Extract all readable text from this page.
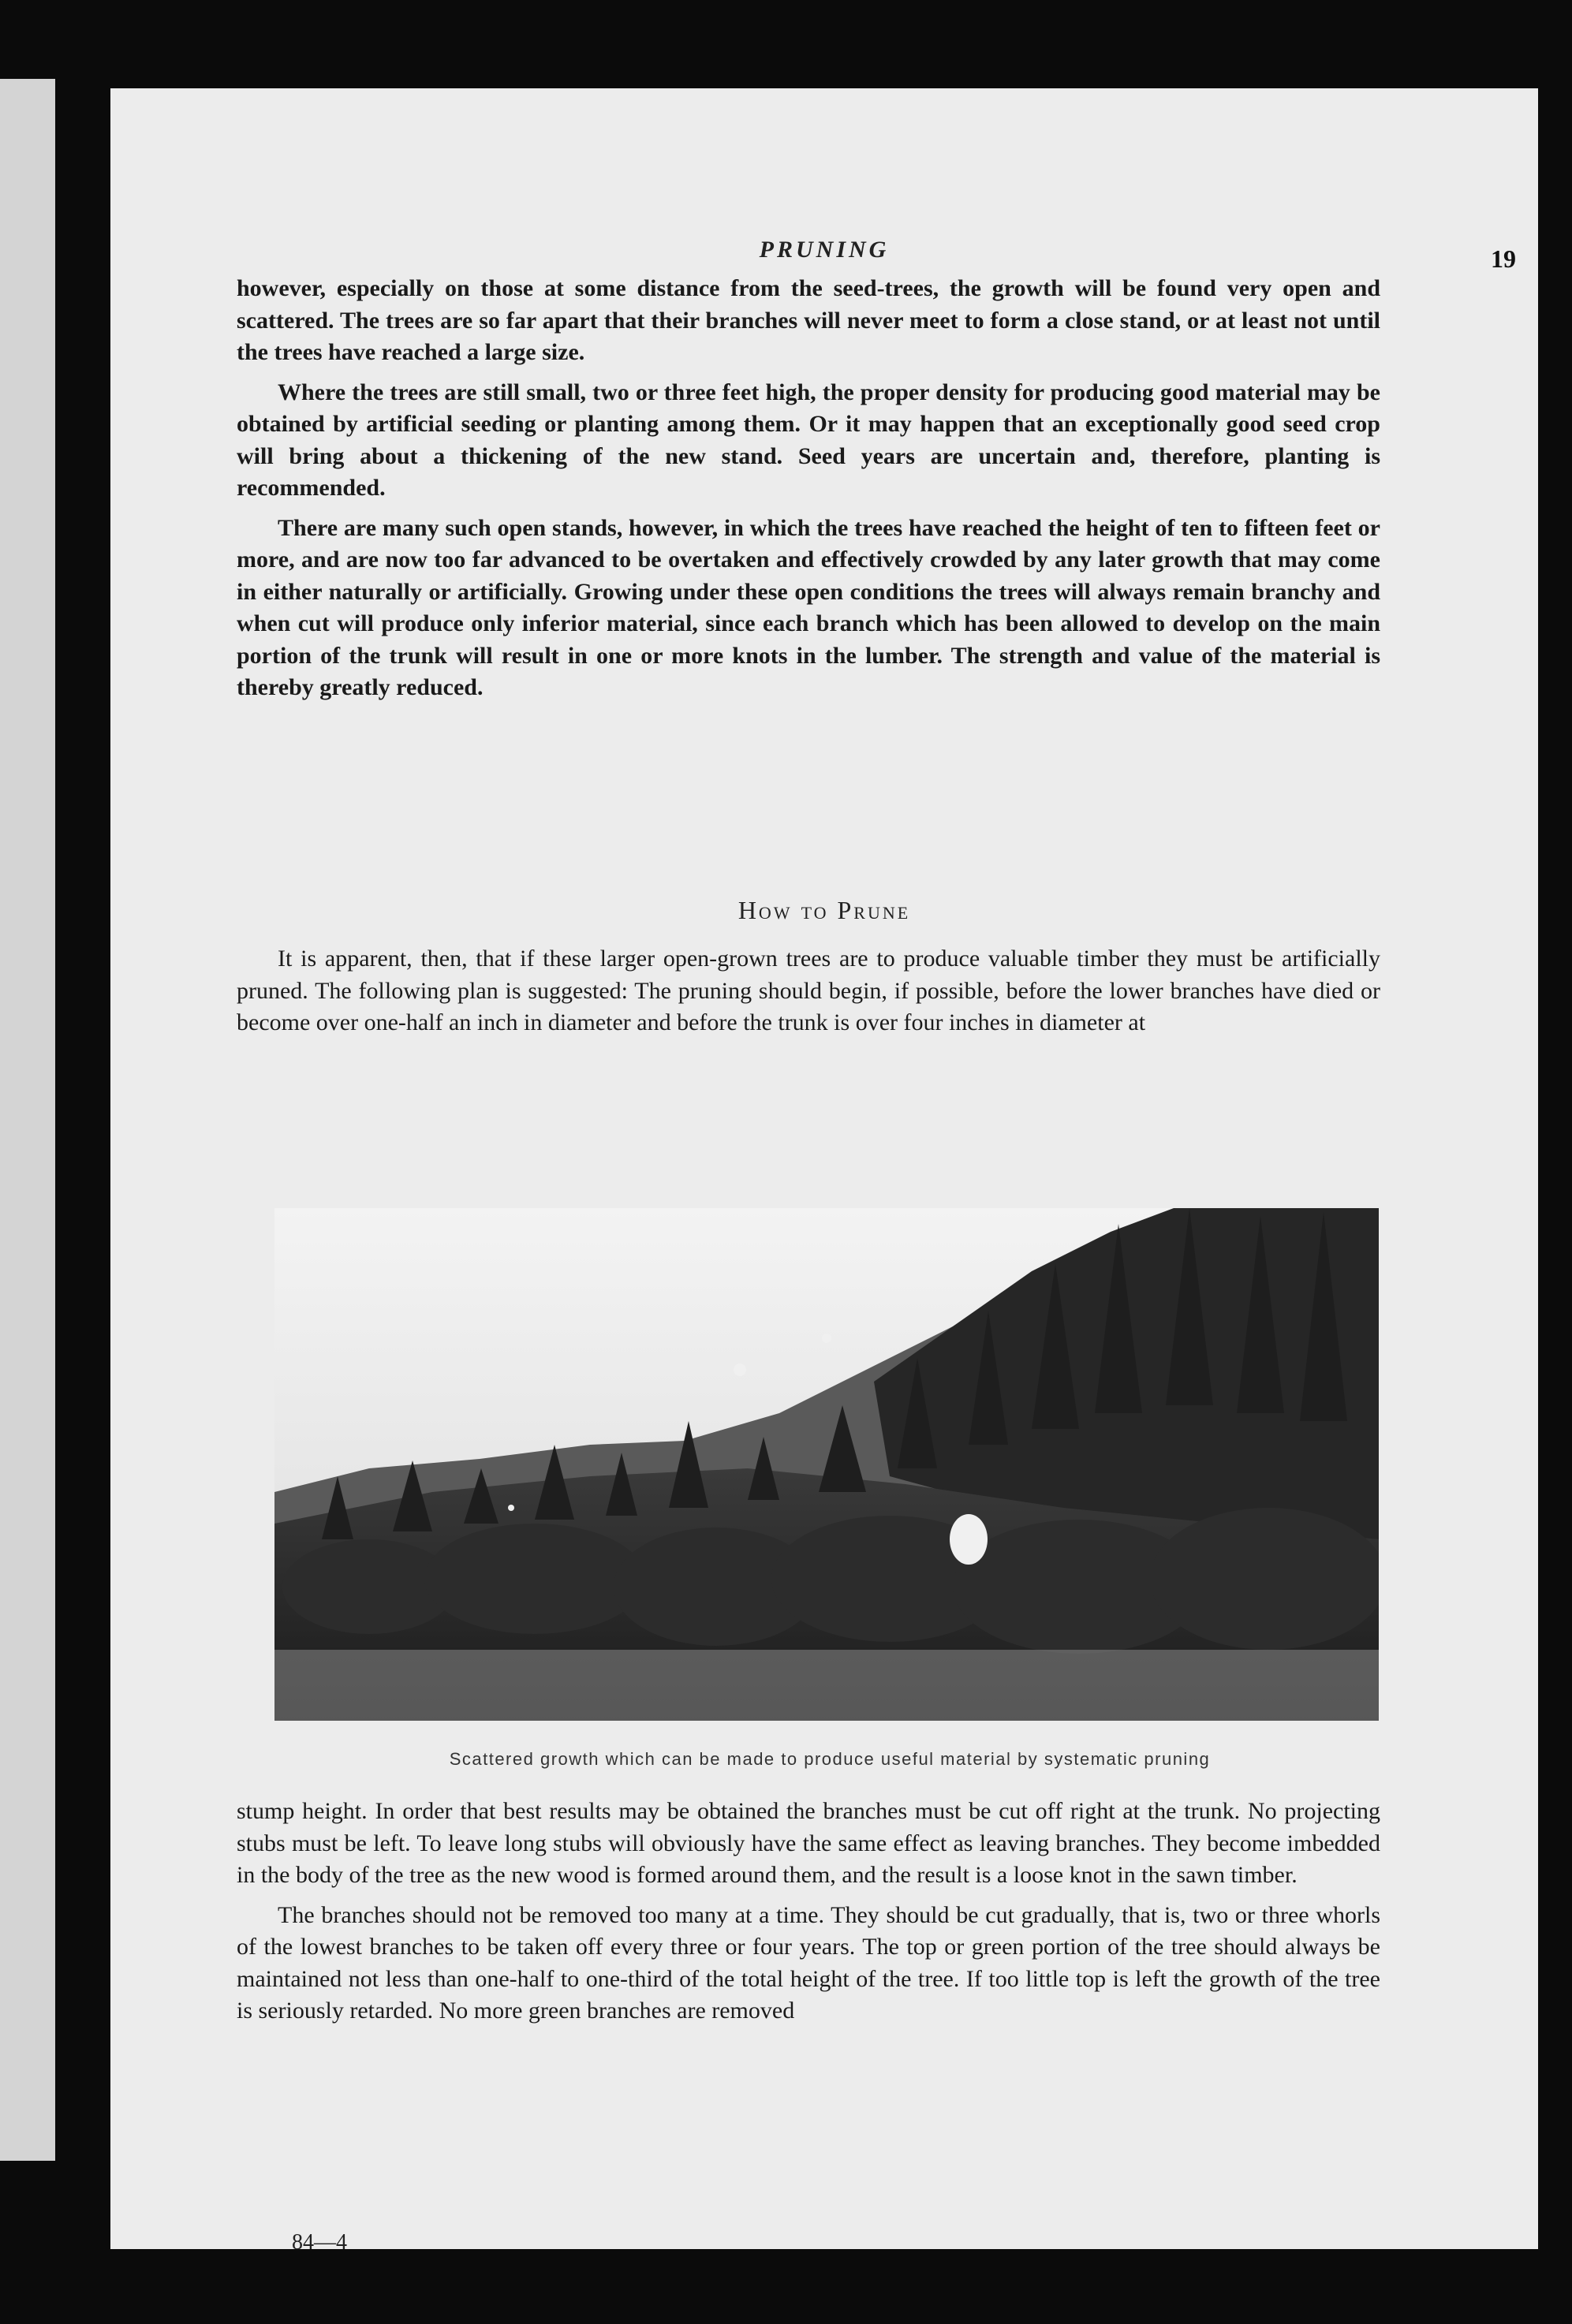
PRUNING	19

however, especially on those at some distance from the seed-trees, the growth will be found very open and scattered. The trees are so far apart that their branches will never meet to form a close stand, or at least not until the trees have reached a large size.

Where the trees are still small, two or three feet high, the proper density for producing good material may be obtained by artificial seeding or planting among them. Or it may happen that an exceptionally good seed crop will bring about a thickening of the new stand. Seed years are uncertain and, therefore, planting is recommended.

There are many such open stands, however, in which the trees have reached the height of ten to fifteen feet or more, and are now too far advanced to be overtaken and effectively crowded by any later growth that may come in either naturally or artificially. Growing under these open conditions the trees will always remain branchy and when cut will produce only inferior material, since each branch which has been allowed to develop on the main portion of the trunk will result in one or more knots in the lumber. The strength and value of the material is thereby greatly reduced.

How to Prune

It is apparent, then, that if these larger open-grown trees are to produce valuable timber they must be artificially pruned. The following plan is suggested: The pruning should begin, if possible, before the lower branches have died or become over one-half an inch in diameter and before the trunk is over four inches in diameter at

Scattered growth which can be made to produce useful material by systematic pruning

stump height. In order that best results may be obtained the branches must be cut off right at the trunk. No projecting stubs must be left. To leave long stubs will obviously have the same effect as leaving branches. They become imbedded in the body of the tree as the new wood is formed around them, and the result is a loose knot in the sawn timber.

The branches should not be removed too many at a time. They should be cut gradually, that is, two or three whorls of the lowest branches to be taken off every three or four years. The top or green portion of the tree should always be maintained not less than one-half to one-third of the total height of the tree. If too little top is left the growth of the tree is seriously retarded. No more green branches are removed

84—4
